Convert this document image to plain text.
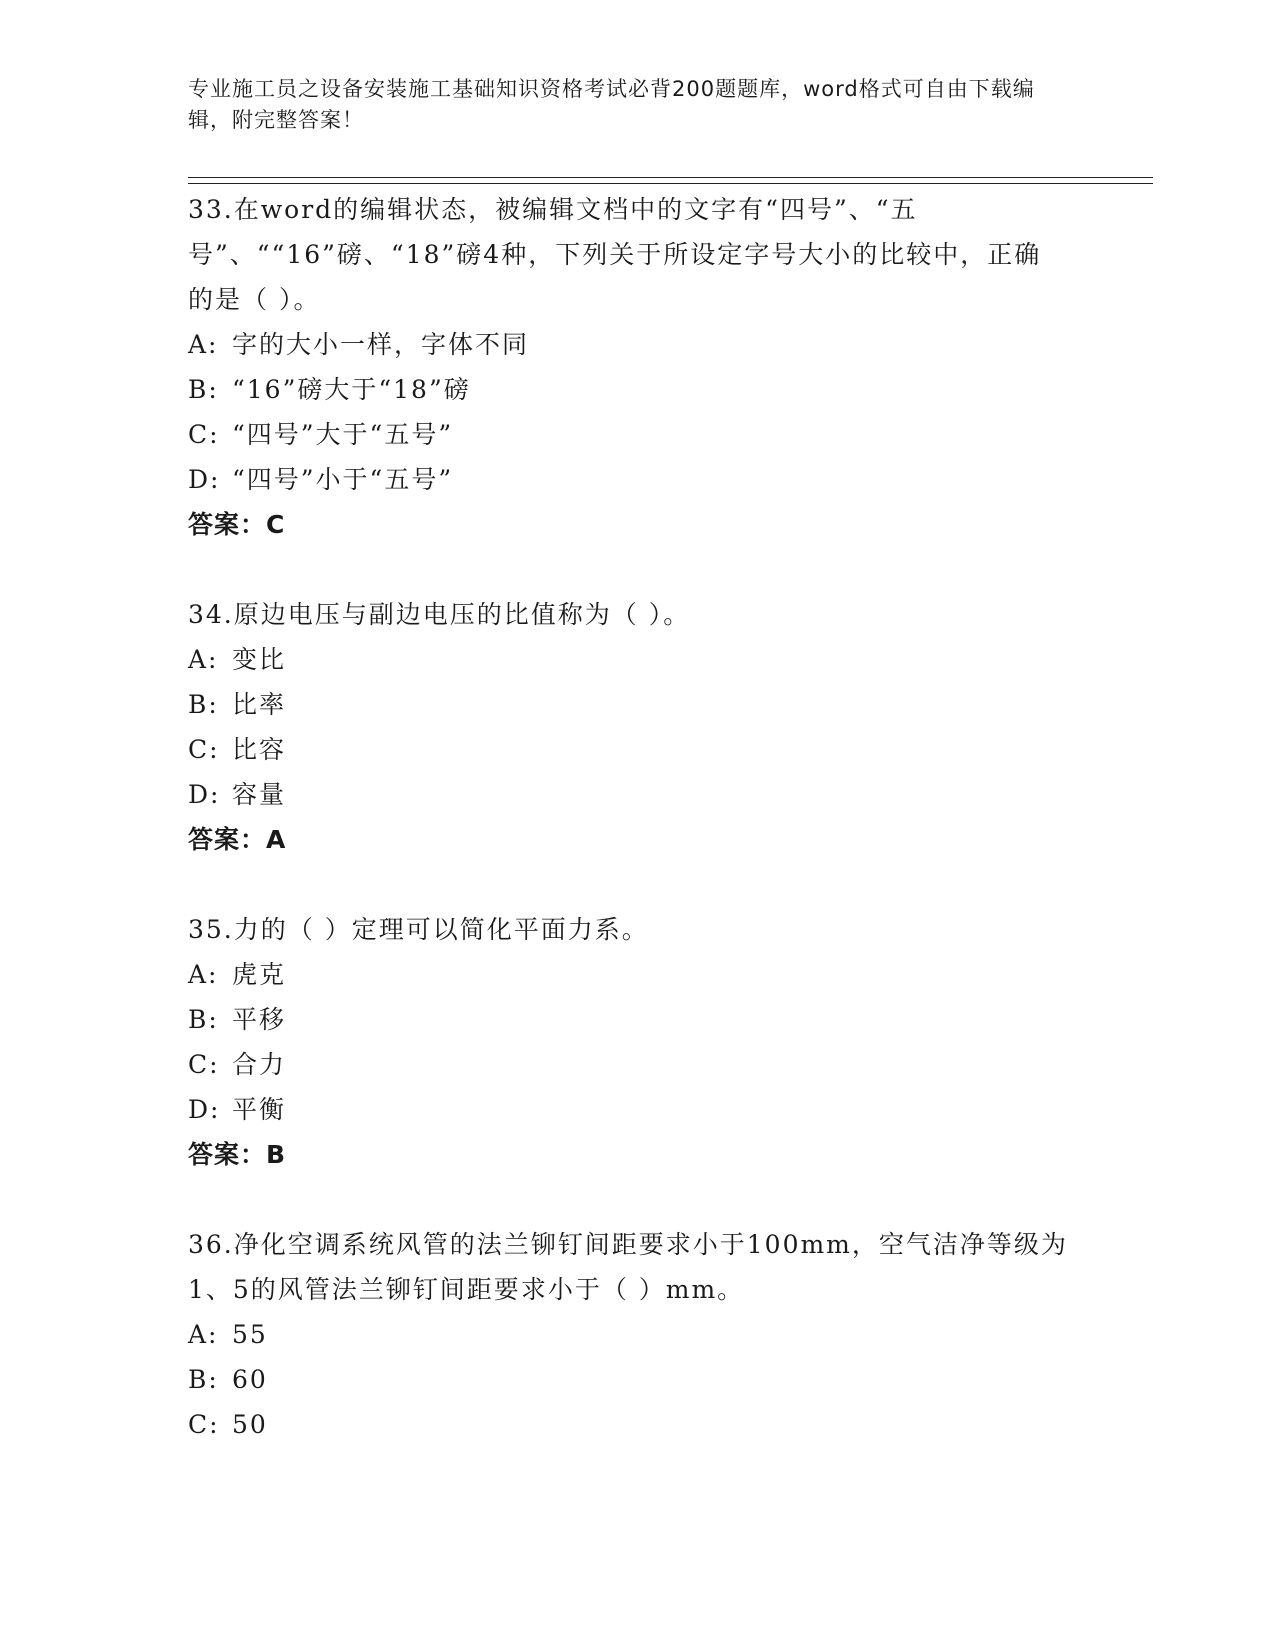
专业施工员之设备安装施工基础知识资格考试必背200题题库，word格式可自由下载编辑，附完整答案！
33.在word的编辑状态，被编辑文档中的文字有“四号”、“五号”、““16”磅、“18”磅4种，下列关于所设定字号大小的比较中，正确的是（ ）。
A: 字的大小一样，字体不同
B: “16”磅大于“18”磅
C: “四号”大于“五号”
D: “四号”小于“五号”
答案：C
34.原边电压与副边电压的比值称为（ ）。
A: 变比
B: 比率
C: 比容
D: 容量
答案：A
35.力的（ ）定理可以简化平面力系。
A: 虎克
B: 平移
C: 合力
D: 平衡
答案：B
36.净化空调系统风管的法兰铆钉间距要求小于100mm，空气洁净等级为1、5的风管法兰铆钉间距要求小于（ ）mm。
A: 55
B: 60
C: 50
